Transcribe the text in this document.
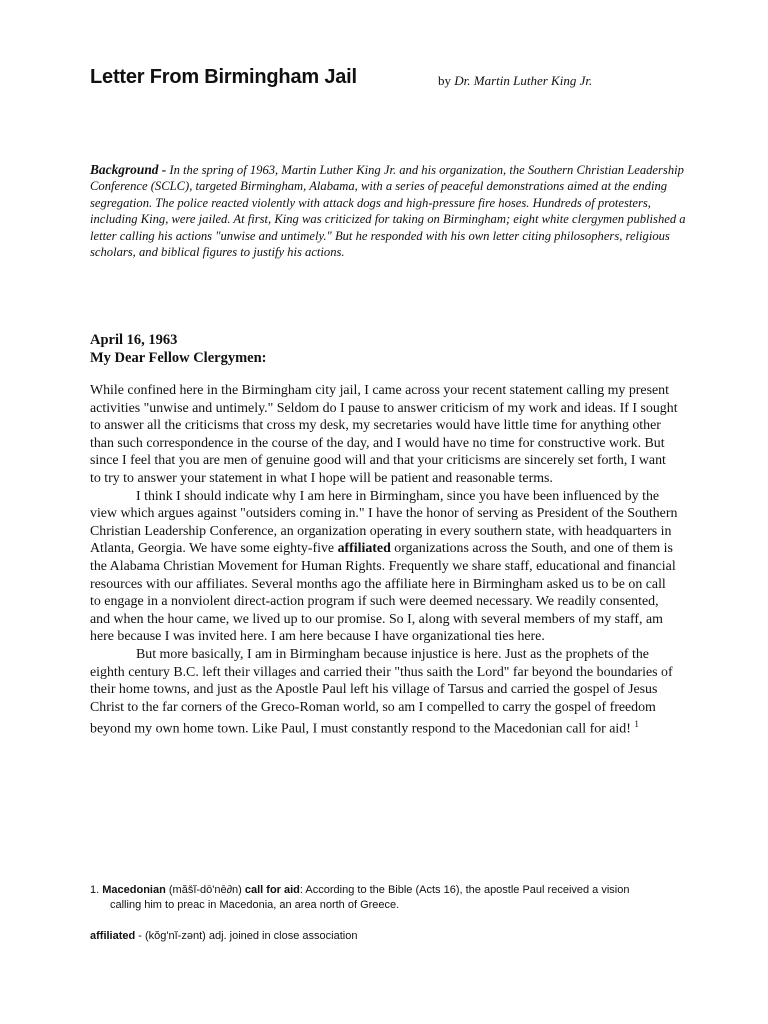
Letter From Birmingham Jail	by Dr. Martin Luther King Jr.
Background - In the spring of 1963, Martin Luther King Jr. and his organization, the Southern Christian Leadership Conference (SCLC), targeted Birmingham, Alabama, with a series of peaceful demonstrations aimed at the ending segregation. The police reacted violently with attack dogs and high-pressure fire hoses. Hundreds of protesters, including King, were jailed. At first, King was criticized for taking on Birmingham; eight white clergymen published a letter calling his actions "unwise and untimely." But he responded with his own letter citing philosophers, religious scholars, and biblical figures to justify his actions.
April 16, 1963
My Dear Fellow Clergymen:

While confined here in the Birmingham city jail, I came across your recent statement calling my present activities "unwise and untimely." Seldom do I pause to answer criticism of my work and ideas. If I sought to answer all the criticisms that cross my desk, my secretaries would have little time for anything other than such correspondence in the course of the day, and I would have no time for constructive work. But since I feel that you are men of genuine good will and that your criticisms are sincerely set forth, I want to try to answer your statement in what I hope will be patient and reasonable terms.

I think I should indicate why I am here in Birmingham, since you have been influenced by the view which argues against "outsiders coming in." I have the honor of serving as President of the Southern Christian Leadership Conference, an organization operating in every southern state, with headquarters in Atlanta, Georgia. We have some eighty-five affiliated organizations across the South, and one of them is the Alabama Christian Movement for Human Rights. Frequently we share staff, educational and financial resources with our affiliates. Several months ago the affiliate here in Birmingham asked us to be on call to engage in a nonviolent direct-action program if such were deemed necessary. We readily consented, and when the hour came, we lived up to our promise. So I, along with several members of my staff, am here because I was invited here. I am here because I have organizational ties here.

But more basically, I am in Birmingham because injustice is here. Just as the prophets of the eighth century B.C. left their villages and carried their "thus saith the Lord" far beyond the boundaries of their home towns, and just as the Apostle Paul left his village of Tarsus and carried the gospel of Jesus Christ to the far corners of the Greco-Roman world, so am I compelled to carry the gospel of freedom beyond my own home town. Like Paul, I must constantly respond to the Macedonian call for aid! $^1$

1. Macedonian (măs̆ĭ-dō'nē∂n) call for aid: According to the Bible (Acts 16), the apostle Paul received a vision
calling him to preac in Macedonia, an area north of Greece.
affiliated - (kŏg'nĭ-zənt) adj. joined in close association
